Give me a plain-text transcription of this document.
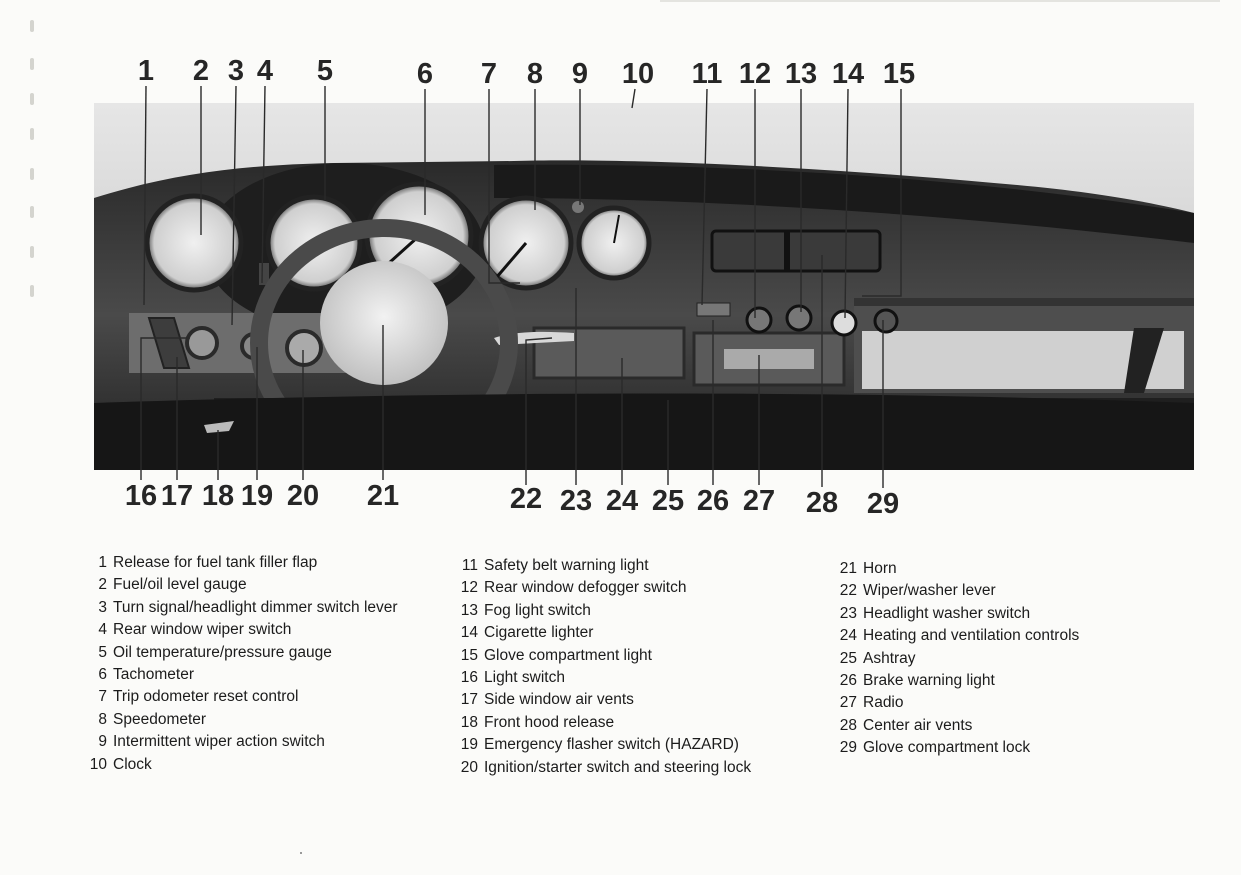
1 2 3 4 5	6 7 8 9 10 11 12 13 14 15
16 17 18 19 20 21	22 23 24 25 26 27 28 29
1 Release for fuel tank filler flap
2 Fuel/oil level gauge
3 Turn signal/headlight dimmer switch lever
4 Rear window wiper switch
5 Oil temperature/pressure gauge
6 Tachometer
7 Trip odometer reset control
8 Speedometer
9 Intermittent wiper action switch
10 Clock
11 Safety belt warning light
12 Rear window defogger switch
13 Fog light switch
14 Cigarette lighter
15 Glove compartment light
16 Light switch
17 Side window air vents
18 Front hood release
19 Emergency flasher switch (HAZARD)
20 Ignition/starter switch and steering lock
21 Horn
22 Wiper/washer lever
23 Headlight washer switch
24 Heating and ventilation controls
25 Ashtray
26 Brake warning light
27 Radio
28 Center air vents
29 Glove compartment lock
